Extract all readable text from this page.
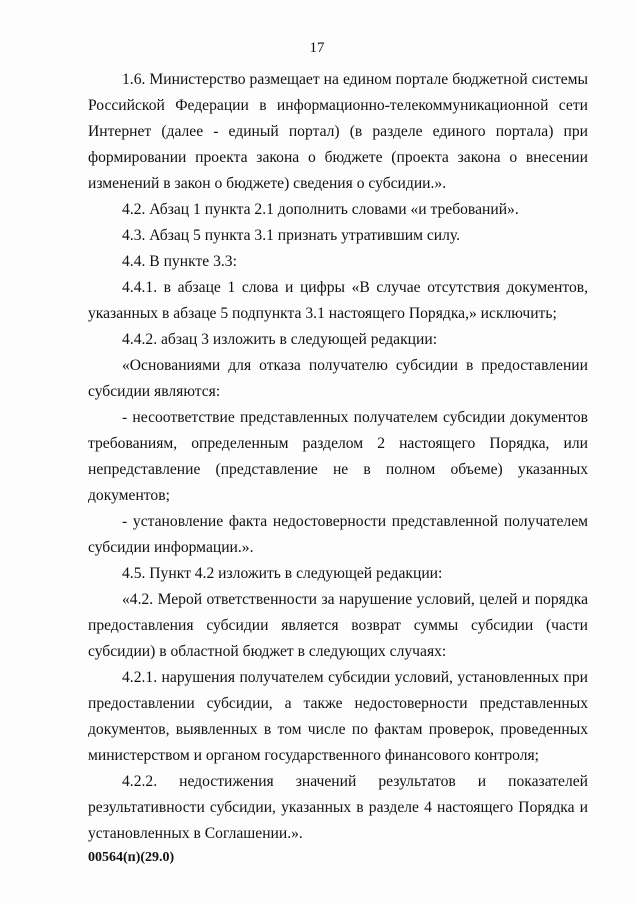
17

1.6. Министерство размещает на едином портале бюджетной системы Российской Федерации в информационно-телекоммуникационной сети Интернет (далее - единый портал) (в разделе единого портала) при формировании проекта закона о бюджете (проекта закона о внесении изменений в закон о бюджете) сведения о субсидии.».

4.2. Абзац 1 пункта 2.1 дополнить словами «и требований».

4.3. Абзац 5 пункта 3.1 признать утратившим силу.

4.4. В пункте 3.3:

4.4.1. в абзаце 1 слова и цифры «В случае отсутствия документов, указанных в абзаце 5 подпункта 3.1 настоящего Порядка,» исключить;

4.4.2. абзац 3 изложить в следующей редакции:

«Основаниями для отказа получателю субсидии в предоставлении субсидии являются:

- несоответствие представленных получателем субсидии документов требованиям, определенным разделом 2 настоящего Порядка, или непредставление (представление не в полном объеме) указанных документов;

- установление факта недостоверности представленной получателем субсидии информации.».

4.5. Пункт 4.2 изложить в следующей редакции:

«4.2. Мерой ответственности за нарушение условий, целей и порядка предоставления субсидии является возврат суммы субсидии (части субсидии) в областной бюджет в следующих случаях:

4.2.1. нарушения получателем субсидии условий, установленных при предоставлении субсидии, а также недостоверности представленных документов, выявленных в том числе по фактам проверок, проведенных министерством и органом государственного финансового контроля;

4.2.2. недостижения значений результатов и показателей результативности субсидии, указанных в разделе 4 настоящего Порядка и установленных в Соглашении.».

00564(п)(29.0)
